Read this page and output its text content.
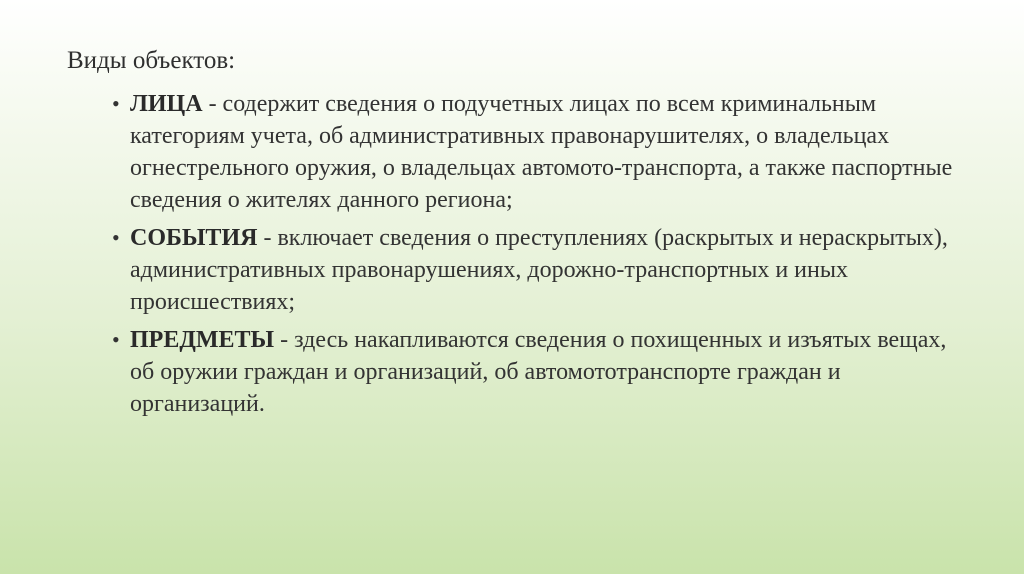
Виды объектов:
• ЛИЦА - содержит сведения о подучетных лицах по всем криминальным категориям учета, об административных правонарушителях, о владельцах огнестрельного оружия, о владельцах автомото-транспорта, а также паспортные сведения о жителях данного региона;
• СОБЫТИЯ - включает сведения о преступлениях (раскрытых и нераскрытых), административных правонарушениях, дорожно-транспортных и иных происшествиях;
• ПРЕДМЕТЫ - здесь накапливаются сведения о похищенных и изъятых вещах, об оружии граждан и организаций, об автомототранспорте граждан и организаций.
